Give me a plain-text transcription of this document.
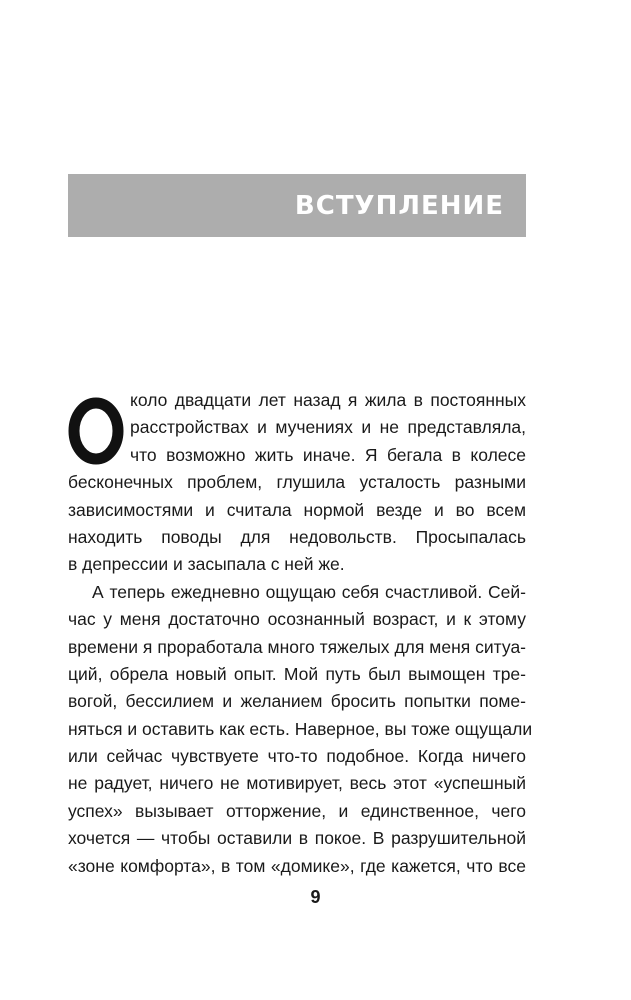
ВСТУПЛЕНИЕ
коло двадцати лет назад я жила в постоянных
расстройствах и мучениях и не представляла,
что возможно жить иначе. Я бегала в колесе
бесконечных проблем, глушила усталость разными
зависимостями и считала нормой везде и во всем
находить поводы для недовольств. Просыпалась
в депрессии и засыпала с ней же.
А теперь ежедневно ощущаю себя счастливой. Сей-
час у меня достаточно осознанный возраст, и к этому
времени я проработала много тяжелых для меня ситуа-
ций, обрела новый опыт. Мой путь был вымощен тре-
вогой, бессилием и желанием бросить попытки поме-
няться и оставить как есть. Наверное, вы тоже ощущали
или сейчас чувствуете что-то подобное. Когда ничего
не радует, ничего не мотивирует, весь этот «успешный
успех» вызывает отторжение, и единственное, чего
хочется — чтобы оставили в покое. В разрушительной
«зоне комфорта», в том «домике», где кажется, что все
9
